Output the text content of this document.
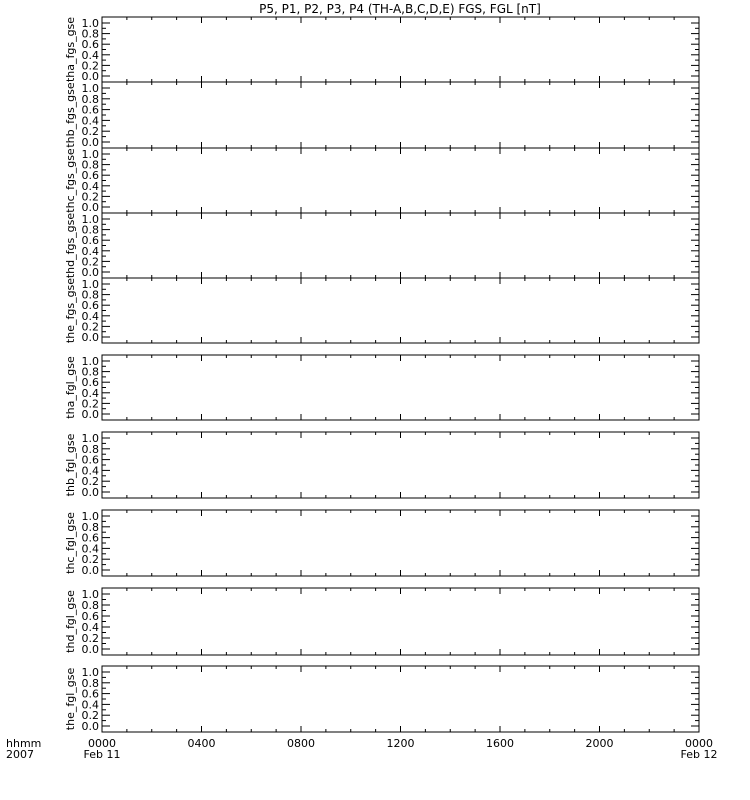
P5, P1, P2, P3, P4 (TH-A,B,C,D,E) FGS, FGL [nT]
0.0
0.2
0.4
0.6
0.8
1.0
tha_fgs_gse
0.0
0.2
0.4
0.6
0.8
1.0
thb_fgs_gse
0.0
0.2
0.4
0.6
0.8
1.0
thc_fgs_gse
0.0
0.2
0.4
0.6
0.8
1.0
thd_fgs_gse
0.0
0.2
0.4
0.6
0.8
1.0
the_fgs_gse
0.0
0.2
0.4
0.6
0.8
1.0
tha_fgl_gse
0.0
0.2
0.4
0.6
0.8
1.0
thb_fgl_gse
0.0
0.2
0.4
0.6
0.8
1.0
thc_fgl_gse
0.0
0.2
0.4
0.6
0.8
1.0
thd_fgl_gse
0.0
0.2
0.4
0.6
0.8
1.0
the_fgl_gse
0000
Feb 11
0400	0800	1200	1600	2000	0000
Feb 12
hhmm
2007
